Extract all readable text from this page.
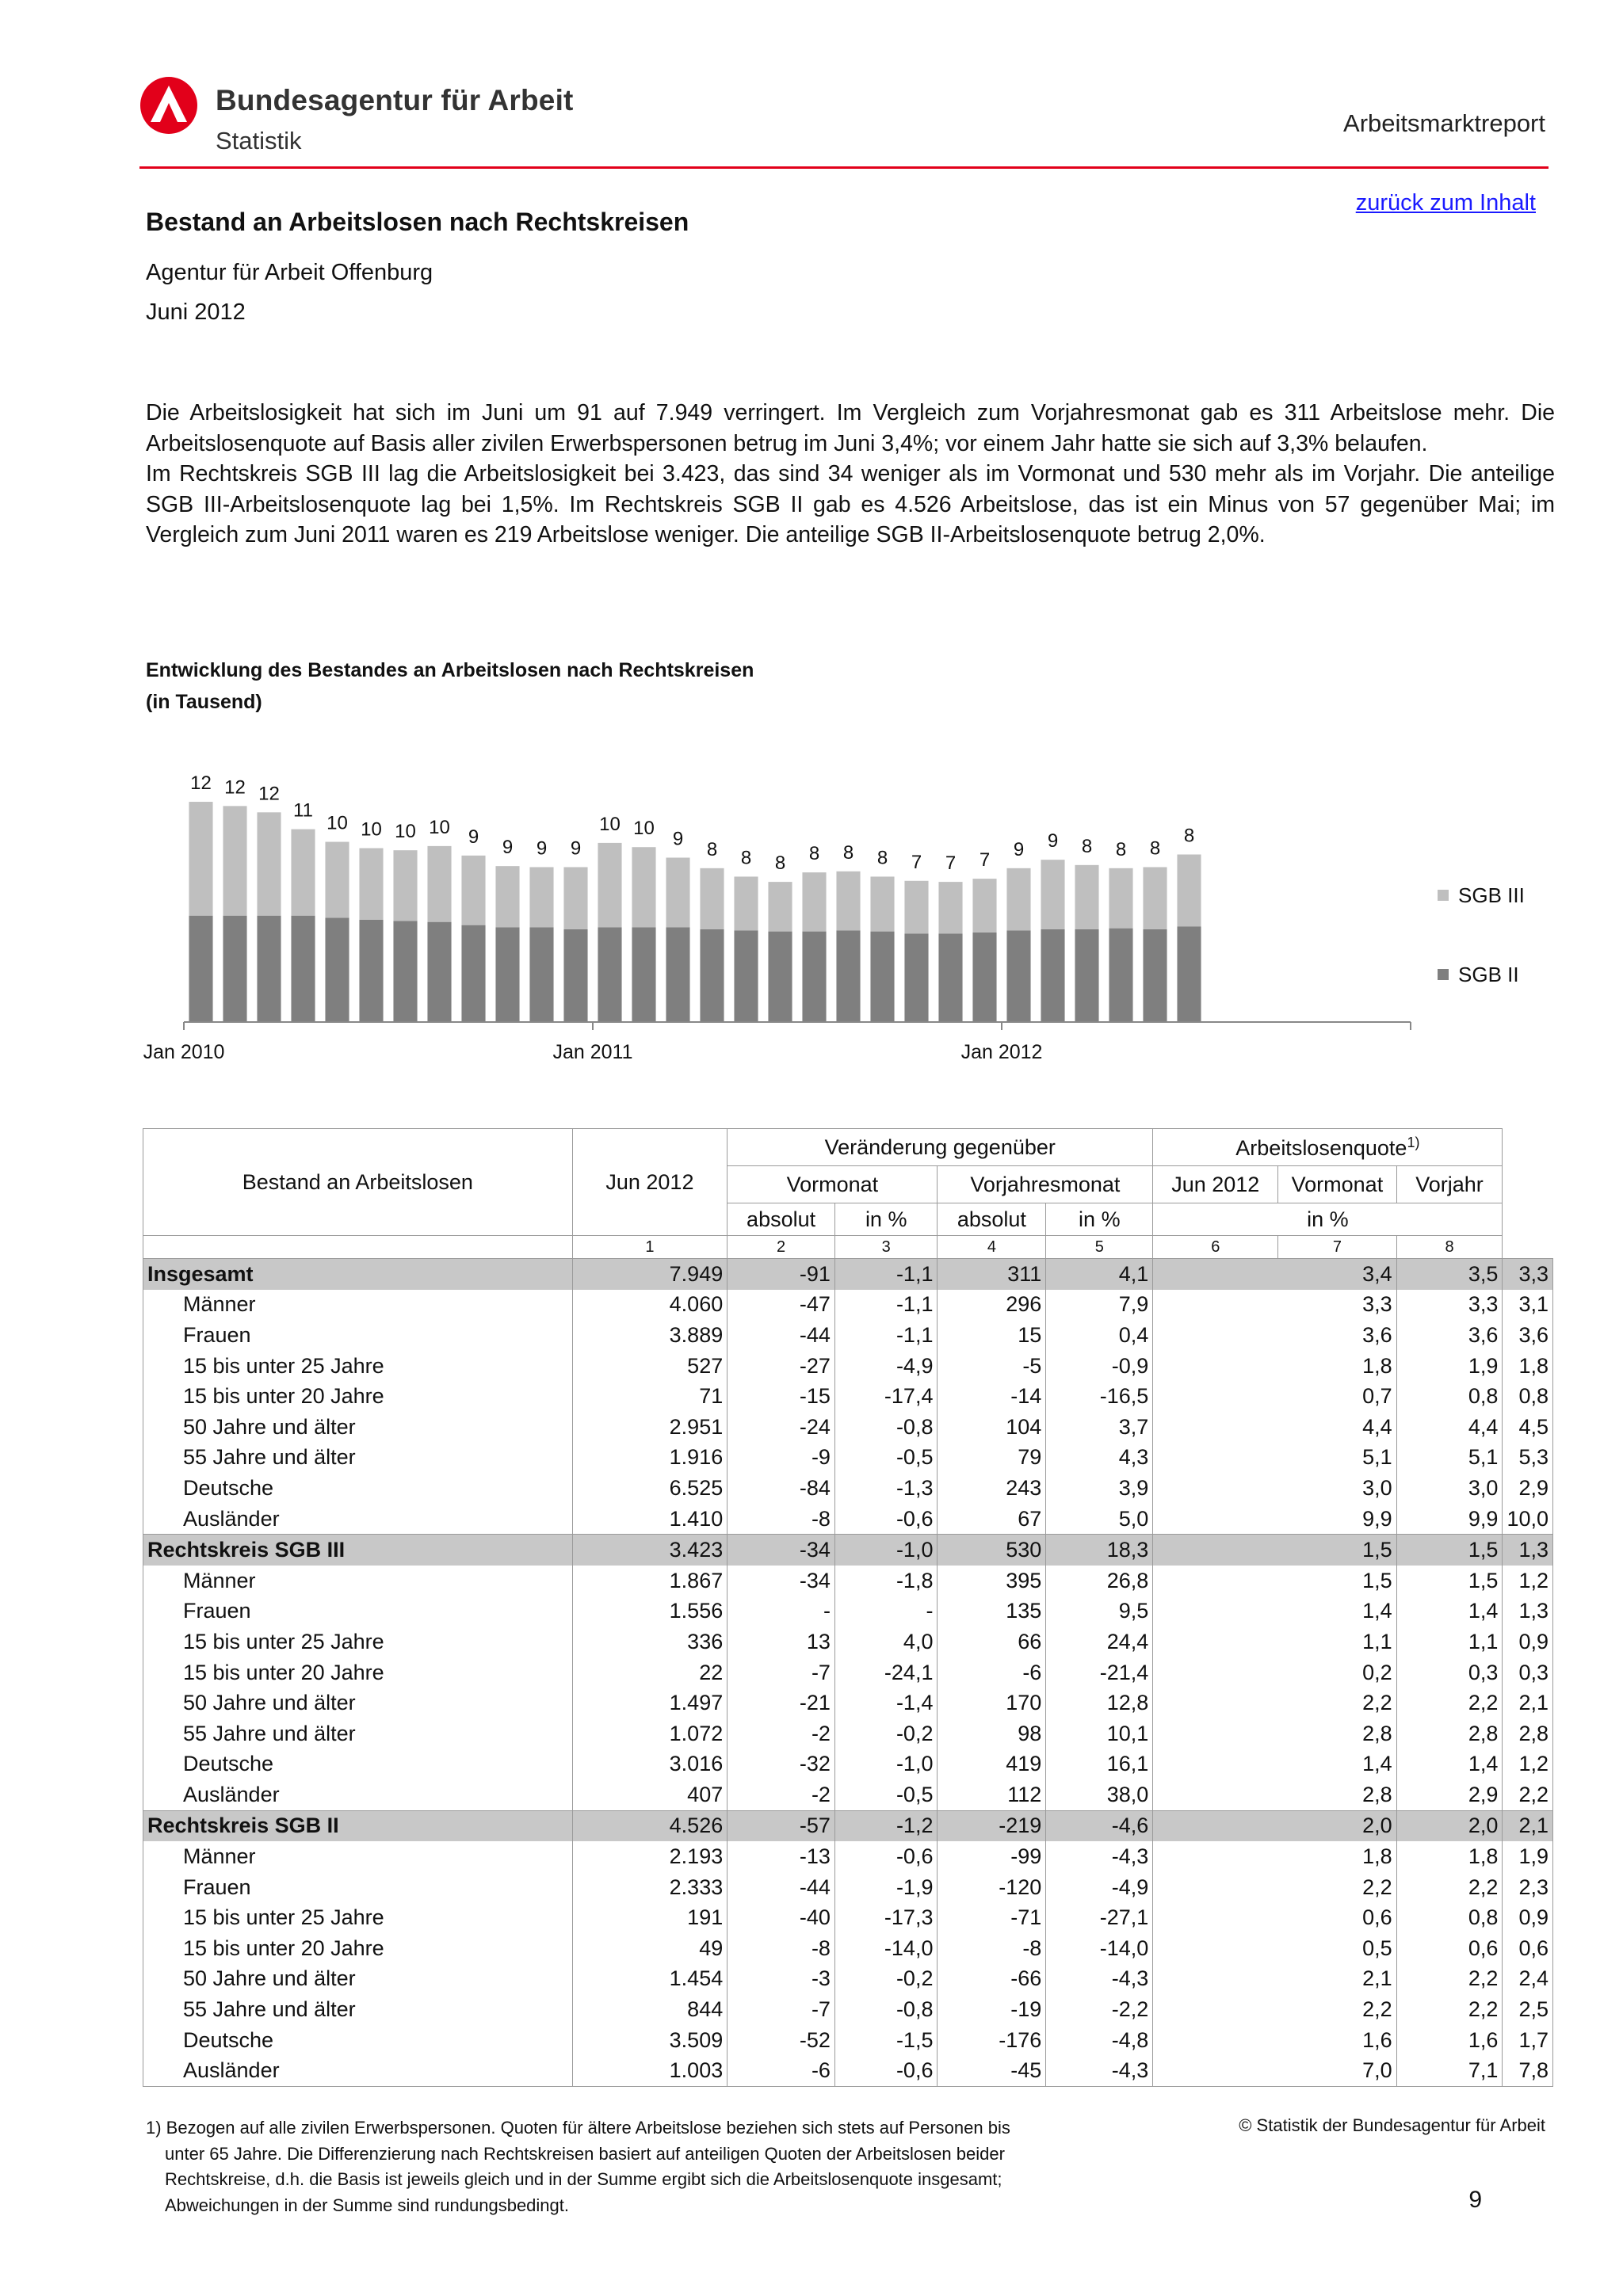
Bundesagentur für Arbeit
Statistik
Arbeitsmarktreport
zurück zum Inhalt
Bestand an Arbeitslosen nach Rechtskreisen
Agentur für Arbeit Offenburg
Juni 2012

Die Arbeitslosigkeit hat sich im Juni um 91 auf 7.949 verringert. Im Vergleich zum Vorjahresmonat gab es 311 Arbeitslose mehr. Die Arbeitslosenquote auf Basis aller zivilen Erwerbspersonen betrug im Juni 3,4%; vor einem Jahr hatte sie sich auf 3,3% belaufen.

Im Rechtskreis SGB III lag die Arbeitslosigkeit bei 3.423, das sind 34 weniger als im Vormonat und 530 mehr als im Vorjahr. Die anteilige SGB III-Arbeitslosenquote lag bei 1,5%. Im Rechtskreis SGB II gab es 4.526 Arbeitslose, das ist ein Minus von 57 gegenüber Mai; im Vergleich zum Juni 2011 waren es 219 Arbeitslose weniger. Die anteilige SGB II-Arbeitslosenquote betrug 2,0%.

Entwicklung des Bestandes an Arbeitslosen nach Rechtskreisen
(in Tausend)
12 12 12
11
10 10 10 10 9 9 9 9
10 10 9 8 8 8 8 8 8 7 7 7 9 9 8 8 8
8
Jan 2010	Jan 2011	Jan 2012
SGB III
SGB II
Bestand an Arbeitslosen	Jun 2012	Veränderung gegenüber				Arbeitslosenquote$^{1)}$
		Vormonat		Vorjahresmonat		Jun 2012	Vormonat	Vorjahr	
		absolut	in %	absolut	in %	in %			
	1	2	3	4	5	6	7	8	
Insgesamt	7.949	-91	-1,1	311	4,1	3,4		3,5	3,3
Männer	4.060	-47	-1,1	296	7,9	3,3		3,3	3,1
Frauen	3.889	-44	-1,1	15	0,4	3,6		3,6	3,6
15 bis unter 25 Jahre	527	-27	-4,9	-5	-0,9	1,8		1,9	1,8
15 bis unter 20 Jahre	71	-15	-17,4	-14	-16,5	0,7		0,8	0,8
50 Jahre und älter	2.951	-24	-0,8	104	3,7	4,4		4,4	4,5
55 Jahre und älter	1.916	-9	-0,5	79	4,3	5,1		5,1	5,3
Deutsche	6.525	-84	-1,3	243	3,9	3,0		3,0	2,9
Ausländer	1.410	-8	-0,6	67	5,0	9,9		9,9	10,0
Rechtskreis SGB III	3.423	-34	-1,0	530	18,3	1,5		1,5	1,3
Männer	1.867	-34	-1,8	395	26,8	1,5		1,5	1,2
Frauen	1.556	-	-	135	9,5	1,4		1,4	1,3
15 bis unter 25 Jahre	336	13	4,0	66	24,4	1,1		1,1	0,9
15 bis unter 20 Jahre	22	-7	-24,1	-6	-21,4	0,2		0,3	0,3
50 Jahre und älter	1.497	-21	-1,4	170	12,8	2,2		2,2	2,1
55 Jahre und älter	1.072	-2	-0,2	98	10,1	2,8		2,8	2,8
Deutsche	3.016	-32	-1,0	419	16,1	1,4		1,4	1,2
Ausländer	407	-2	-0,5	112	38,0	2,8		2,9	2,2
Rechtskreis SGB II	4.526	-57	-1,2	-219	-4,6	2,0		2,0	2,1
Männer	2.193	-13	-0,6	-99	-4,3	1,8		1,8	1,9
Frauen	2.333	-44	-1,9	-120	-4,9	2,2		2,2	2,3
15 bis unter 25 Jahre	191	-40	-17,3	-71	-27,1	0,6		0,8	0,9
15 bis unter 20 Jahre	49	-8	-14,0	-8	-14,0	0,5		0,6	0,6
50 Jahre und älter	1.454	-3	-0,2	-66	-4,3	2,1		2,2	2,4
55 Jahre und älter	844	-7	-0,8	-19	-2,2	2,2		2,2	2,5
Deutsche	3.509	-52	-1,5	-176	-4,8	1,6		1,6	1,7
Ausländer	1.003	-6	-0,6	-45	-4,3	7,0		7,1	7,8
1) Bezogen auf alle zivilen Erwerbspersonen. Quoten für ältere Arbeitslose beziehen sich stets auf Personen bis
unter 65 Jahre. Die Differenzierung nach Rechtskreisen basiert auf anteiligen Quoten der Arbeitslosen beider
Rechtskreise, d.h. die Basis ist jeweils gleich und in der Summe ergibt sich die Arbeitslosenquote insgesamt;
Abweichungen in der Summe sind rundungsbedingt.
© Statistik der Bundesagentur für Arbeit
9
